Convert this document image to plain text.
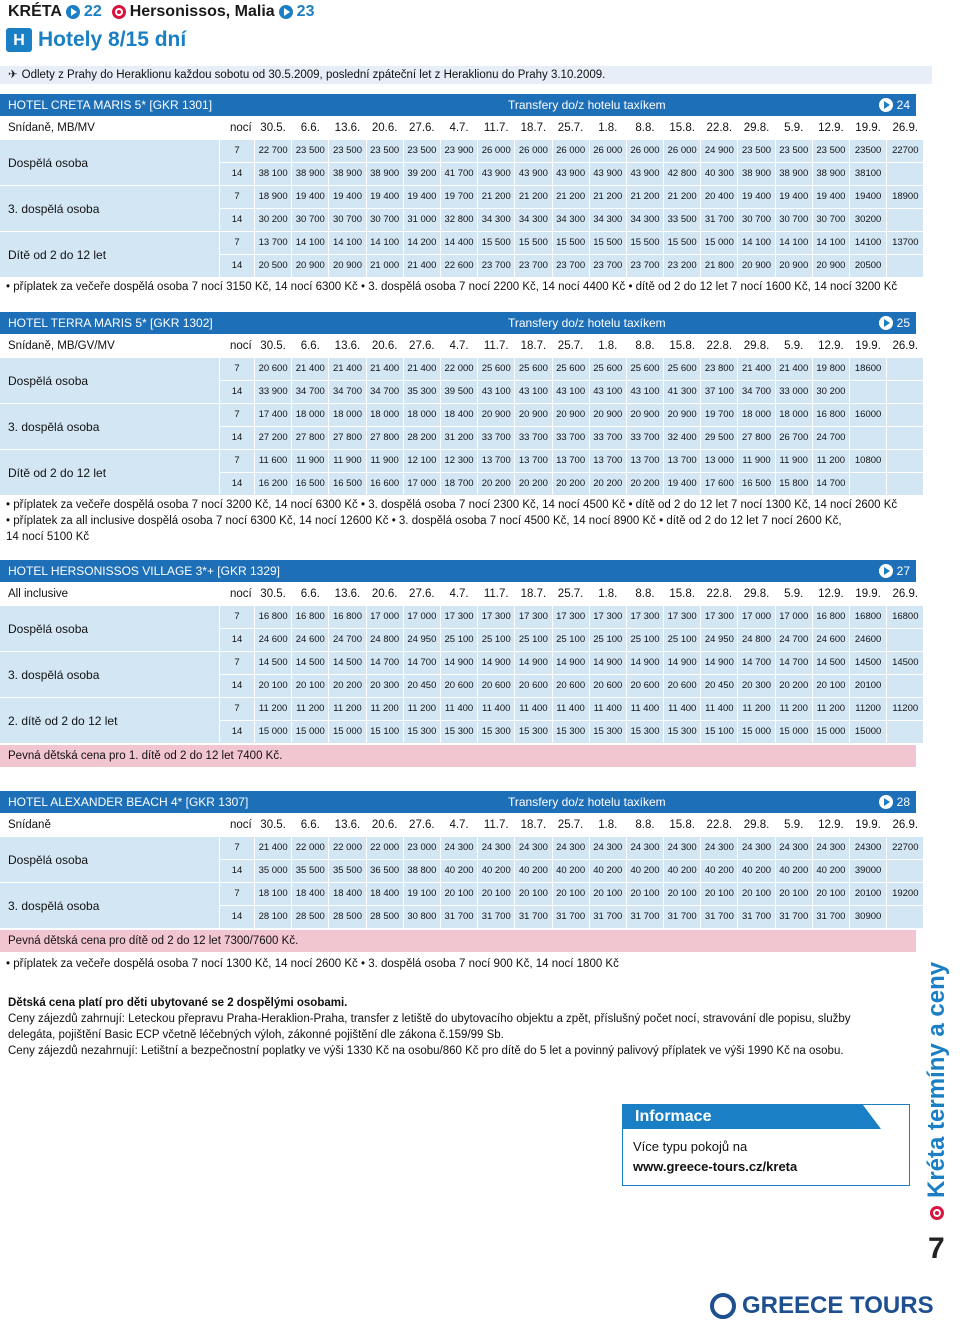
KRÉTA 22 Hersonissos, Malia 23
H Hotely 8/15 dní
✈ Odlety z Prahy do Heraklionu každou sobotu od 30.5.2009, poslední zpáteční let z Heraklionu do Prahy 3.10.2009.
HOTEL CRETA MARIS 5* [GKR 1301]	Transfery do/z hotelu taxíkem	24
Snídaně, MB/MV		nocí	30.5.	6.6.	13.6.	20.6.	27.6.	4.7.	11.7.	18.7.	25.7.	1.8.	8.8.	15.8.	22.8.	29.8.	5.9.	12.9.	19.9.	26.9.
Dospělá osoba		7	22 700	23 500	23 500	23 500	23 500	23 900	26 000	26 000	26 000	26 000	26 000	26 000	24 900	23 500	23 500	23 500	23500	22700
		14	38 100	38 900	38 900	38 900	39 200	41 700	43 900	43 900	43 900	43 900	43 900	42 800	40 300	38 900	38 900	38 900	38100	
3. dospělá osoba		7	18 900	19 400	19 400	19 400	19 400	19 700	21 200	21 200	21 200	21 200	21 200	21 200	20 400	19 400	19 400	19 400	19400	18900
		14	30 200	30 700	30 700	30 700	31 000	32 800	34 300	34 300	34 300	34 300	34 300	33 500	31 700	30 700	30 700	30 700	30200	
Dítě od 2 do 12 let		7	13 700	14 100	14 100	14 100	14 200	14 400	15 500	15 500	15 500	15 500	15 500	15 500	15 000	14 100	14 100	14 100	14100	13700
		14	20 500	20 900	20 900	21 000	21 400	22 600	23 700	23 700	23 700	23 700	23 700	23 200	21 800	20 900	20 900	20 900	20500	
• příplatek za večeře dospělá osoba 7 nocí 3150 Kč, 14 nocí 6300 Kč • 3. dospělá osoba 7 nocí 2200 Kč, 14 nocí 4400 Kč • dítě od 2 do 12 let 7 nocí 1600 Kč, 14 nocí 3200 Kč
HOTEL TERRA MARIS 5* [GKR 1302]	Transfery do/z hotelu taxíkem	25
Snídaně, MB/GV/MV		nocí	30.5.	6.6.	13.6.	20.6.	27.6.	4.7.	11.7.	18.7.	25.7.	1.8.	8.8.	15.8.	22.8.	29.8.	5.9.	12.9.	19.9.	26.9.
Dospělá osoba		7	20 600	21 400	21 400	21 400	21 400	22 000	25 600	25 600	25 600	25 600	25 600	25 600	23 800	21 400	21 400	19 800	18600	
		14	33 900	34 700	34 700	34 700	35 300	39 500	43 100	43 100	43 100	43 100	43 100	41 300	37 100	34 700	33 000	30 200		
3. dospělá osoba		7	17 400	18 000	18 000	18 000	18 000	18 400	20 900	20 900	20 900	20 900	20 900	20 900	19 700	18 000	18 000	16 800	16000	
		14	27 200	27 800	27 800	27 800	28 200	31 200	33 700	33 700	33 700	33 700	33 700	32 400	29 500	27 800	26 700	24 700		
Dítě od 2 do 12 let		7	11 600	11 900	11 900	11 900	12 100	12 300	13 700	13 700	13 700	13 700	13 700	13 700	13 000	11 900	11 900	11 200	10800	
		14	16 200	16 500	16 500	16 600	17 000	18 700	20 200	20 200	20 200	20 200	20 200	19 400	17 600	16 500	15 800	14 700		
• příplatek za večeře dospělá osoba 7 nocí 3200 Kč, 14 nocí 6300 Kč • 3. dospělá osoba 7 nocí 2300 Kč, 14 nocí 4500 Kč • dítě od 2 do 12 let 7 nocí 1300 Kč, 14 nocí 2600 Kč
• příplatek za all inclusive dospělá osoba 7 nocí 6300 Kč, 14 nocí 12600 Kč • 3. dospělá osoba 7 nocí 4500 Kč, 14 nocí 8900 Kč • dítě od 2 do 12 let 7 nocí 2600 Kč,
14 nocí 5100 Kč
HOTEL HERSONISSOS VILLAGE 3*+ [GKR 1329]	27
All inclusive	TIP	nocí	30.5.	6.6.	13.6.	20.6.	27.6.	4.7.	11.7.	18.7.	25.7.	1.8.	8.8.	15.8.	22.8.	29.8.	5.9.	12.9.	19.9.	26.9.
Dospělá osoba		7	16 800	16 800	16 800	17 000	17 000	17 300	17 300	17 300	17 300	17 300	17 300	17 300	17 300	17 000	17 000	16 800	16800	16800
		14	24 600	24 600	24 700	24 800	24 950	25 100	25 100	25 100	25 100	25 100	25 100	25 100	24 950	24 800	24 700	24 600	24600	
3. dospělá osoba		7	14 500	14 500	14 500	14 700	14 700	14 900	14 900	14 900	14 900	14 900	14 900	14 900	14 900	14 700	14 700	14 500	14500	14500
		14	20 100	20 100	20 200	20 300	20 450	20 600	20 600	20 600	20 600	20 600	20 600	20 600	20 450	20 300	20 200	20 100	20100	
2. dítě od 2 do 12 let		7	11 200	11 200	11 200	11 200	11 200	11 400	11 400	11 400	11 400	11 400	11 400	11 400	11 400	11 200	11 200	11 200	11200	11200
		14	15 000	15 000	15 000	15 100	15 300	15 300	15 300	15 300	15 300	15 300	15 300	15 300	15 100	15 000	15 000	15 000	15000	
Pevná dětská cena pro 1. dítě od 2 do 12 let 7400 Kč.
HOTEL ALEXANDER BEACH 4* [GKR 1307]	Transfery do/z hotelu taxíkem	28
Snídaně		nocí	30.5.	6.6.	13.6.	20.6.	27.6.	4.7.	11.7.	18.7.	25.7.	1.8.	8.8.	15.8.	22.8.	29.8.	5.9.	12.9.	19.9.	26.9.
Dospělá osoba		7	21 400	22 000	22 000	22 000	23 000	24 300	24 300	24 300	24 300	24 300	24 300	24 300	24 300	24 300	24 300	24 300	24300	22700
		14	35 000	35 500	35 500	36 500	38 800	40 200	40 200	40 200	40 200	40 200	40 200	40 200	40 200	40 200	40 200	40 200	39000	
3. dospělá osoba		7	18 100	18 400	18 400	18 400	19 100	20 100	20 100	20 100	20 100	20 100	20 100	20 100	20 100	20 100	20 100	20 100	20100	19200
		14	28 100	28 500	28 500	28 500	30 800	31 700	31 700	31 700	31 700	31 700	31 700	31 700	31 700	31 700	31 700	31 700	30900	
Pevná dětská cena pro dítě od 2 do 12 let 7300/7600 Kč.
• příplatek za večeře dospělá osoba 7 nocí 1300 Kč, 14 nocí 2600 Kč • 3. dospělá osoba 7 nocí 900 Kč, 14 nocí 1800 Kč
Dětská cena platí pro děti ubytované se 2 dospělými osobami.
Ceny zájezdů zahrnují: Leteckou přepravu Praha-Heraklion-Praha, transfer z letiště do ubytovacího objektu a zpět, příslušný počet nocí, stravování dle popisu, služby
delegáta, pojištění Basic ECP včetně léčebných výloh, zákonné pojištění dle zákona č.159/99 Sb.
Ceny zájezdů nezahrnují: Letištní a bezpečnostní poplatky ve výši 1330 Kč na osobu/860 Kč pro dítě do 5 let a povinný palivový příplatek ve výši 1990 Kč na osobu.
Informace
Více typu pokojů na
www.greece-tours.cz/kreta	Kréta termíny a ceny
7
GREECE TOURS
